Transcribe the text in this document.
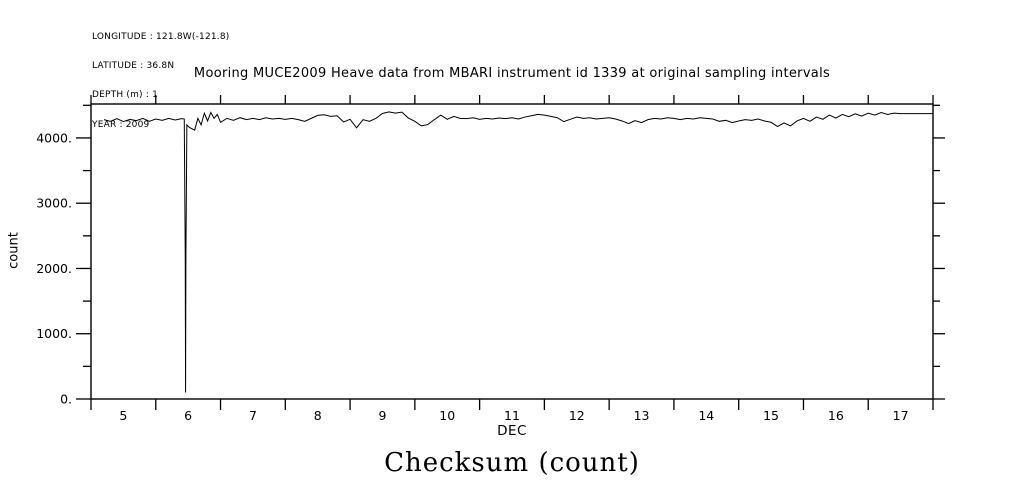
LONGITUDE : 121.8W(-121.8)

LATITUDE : 36.8N

DEPTH (m) : 1

YEAR : 2009

Mooring MUCE2009 Heave data from MBARI instrument id 1339 at original sampling intervals
5	6	7	8	9	10	11	12	13	14	15	16	17
0.
1000.
2000.
3000.
4000.
count
DEC
Checksum (count)
